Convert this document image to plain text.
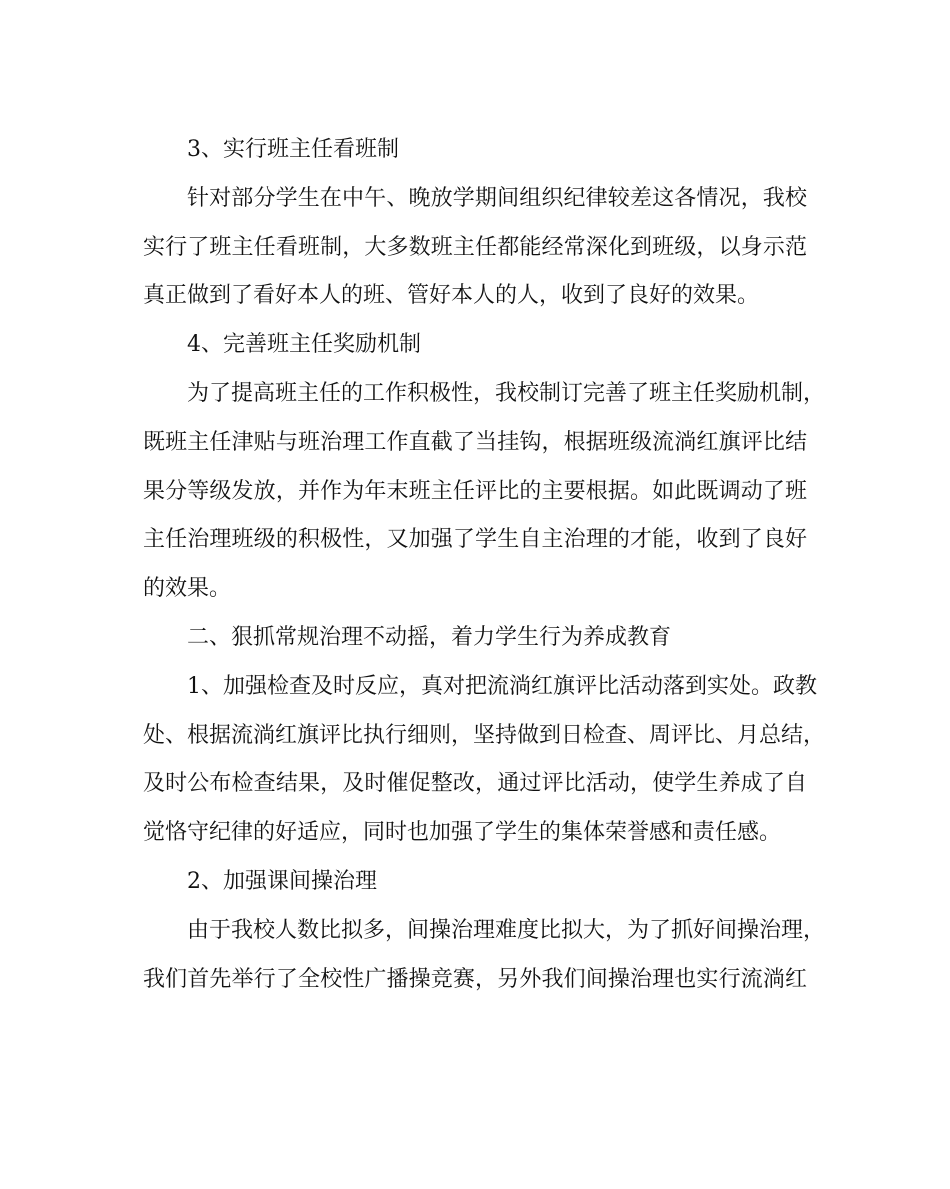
3、实行班主任看班制
针对部分学生在中午、晚放学期间组织纪律较差这各情况，我校
实行了班主任看班制，大多数班主任都能经常深化到班级，以身示范
真正做到了看好本人的班、管好本人的人，收到了良好的效果。
4、完善班主任奖励机制
为了提高班主任的工作积极性，我校制订完善了班主任奖励机制，
既班主任津贴与班治理工作直截了当挂钩，根据班级流淌红旗评比结
果分等级发放，并作为年末班主任评比的主要根据。如此既调动了班
主任治理班级的积极性，又加强了学生自主治理的才能，收到了良好
的效果。
二、狠抓常规治理不动摇，着力学生行为养成教育
1、加强检查及时反应，真对把流淌红旗评比活动落到实处。政教
处、根据流淌红旗评比执行细则，坚持做到日检查、周评比、月总结，
及时公布检查结果，及时催促整改，通过评比活动，使学生养成了自
觉恪守纪律的好适应，同时也加强了学生的集体荣誉感和责任感。
2、加强课间操治理
由于我校人数比拟多，间操治理难度比拟大，为了抓好间操治理，
我们首先举行了全校性广播操竞赛，另外我们间操治理也实行流淌红
